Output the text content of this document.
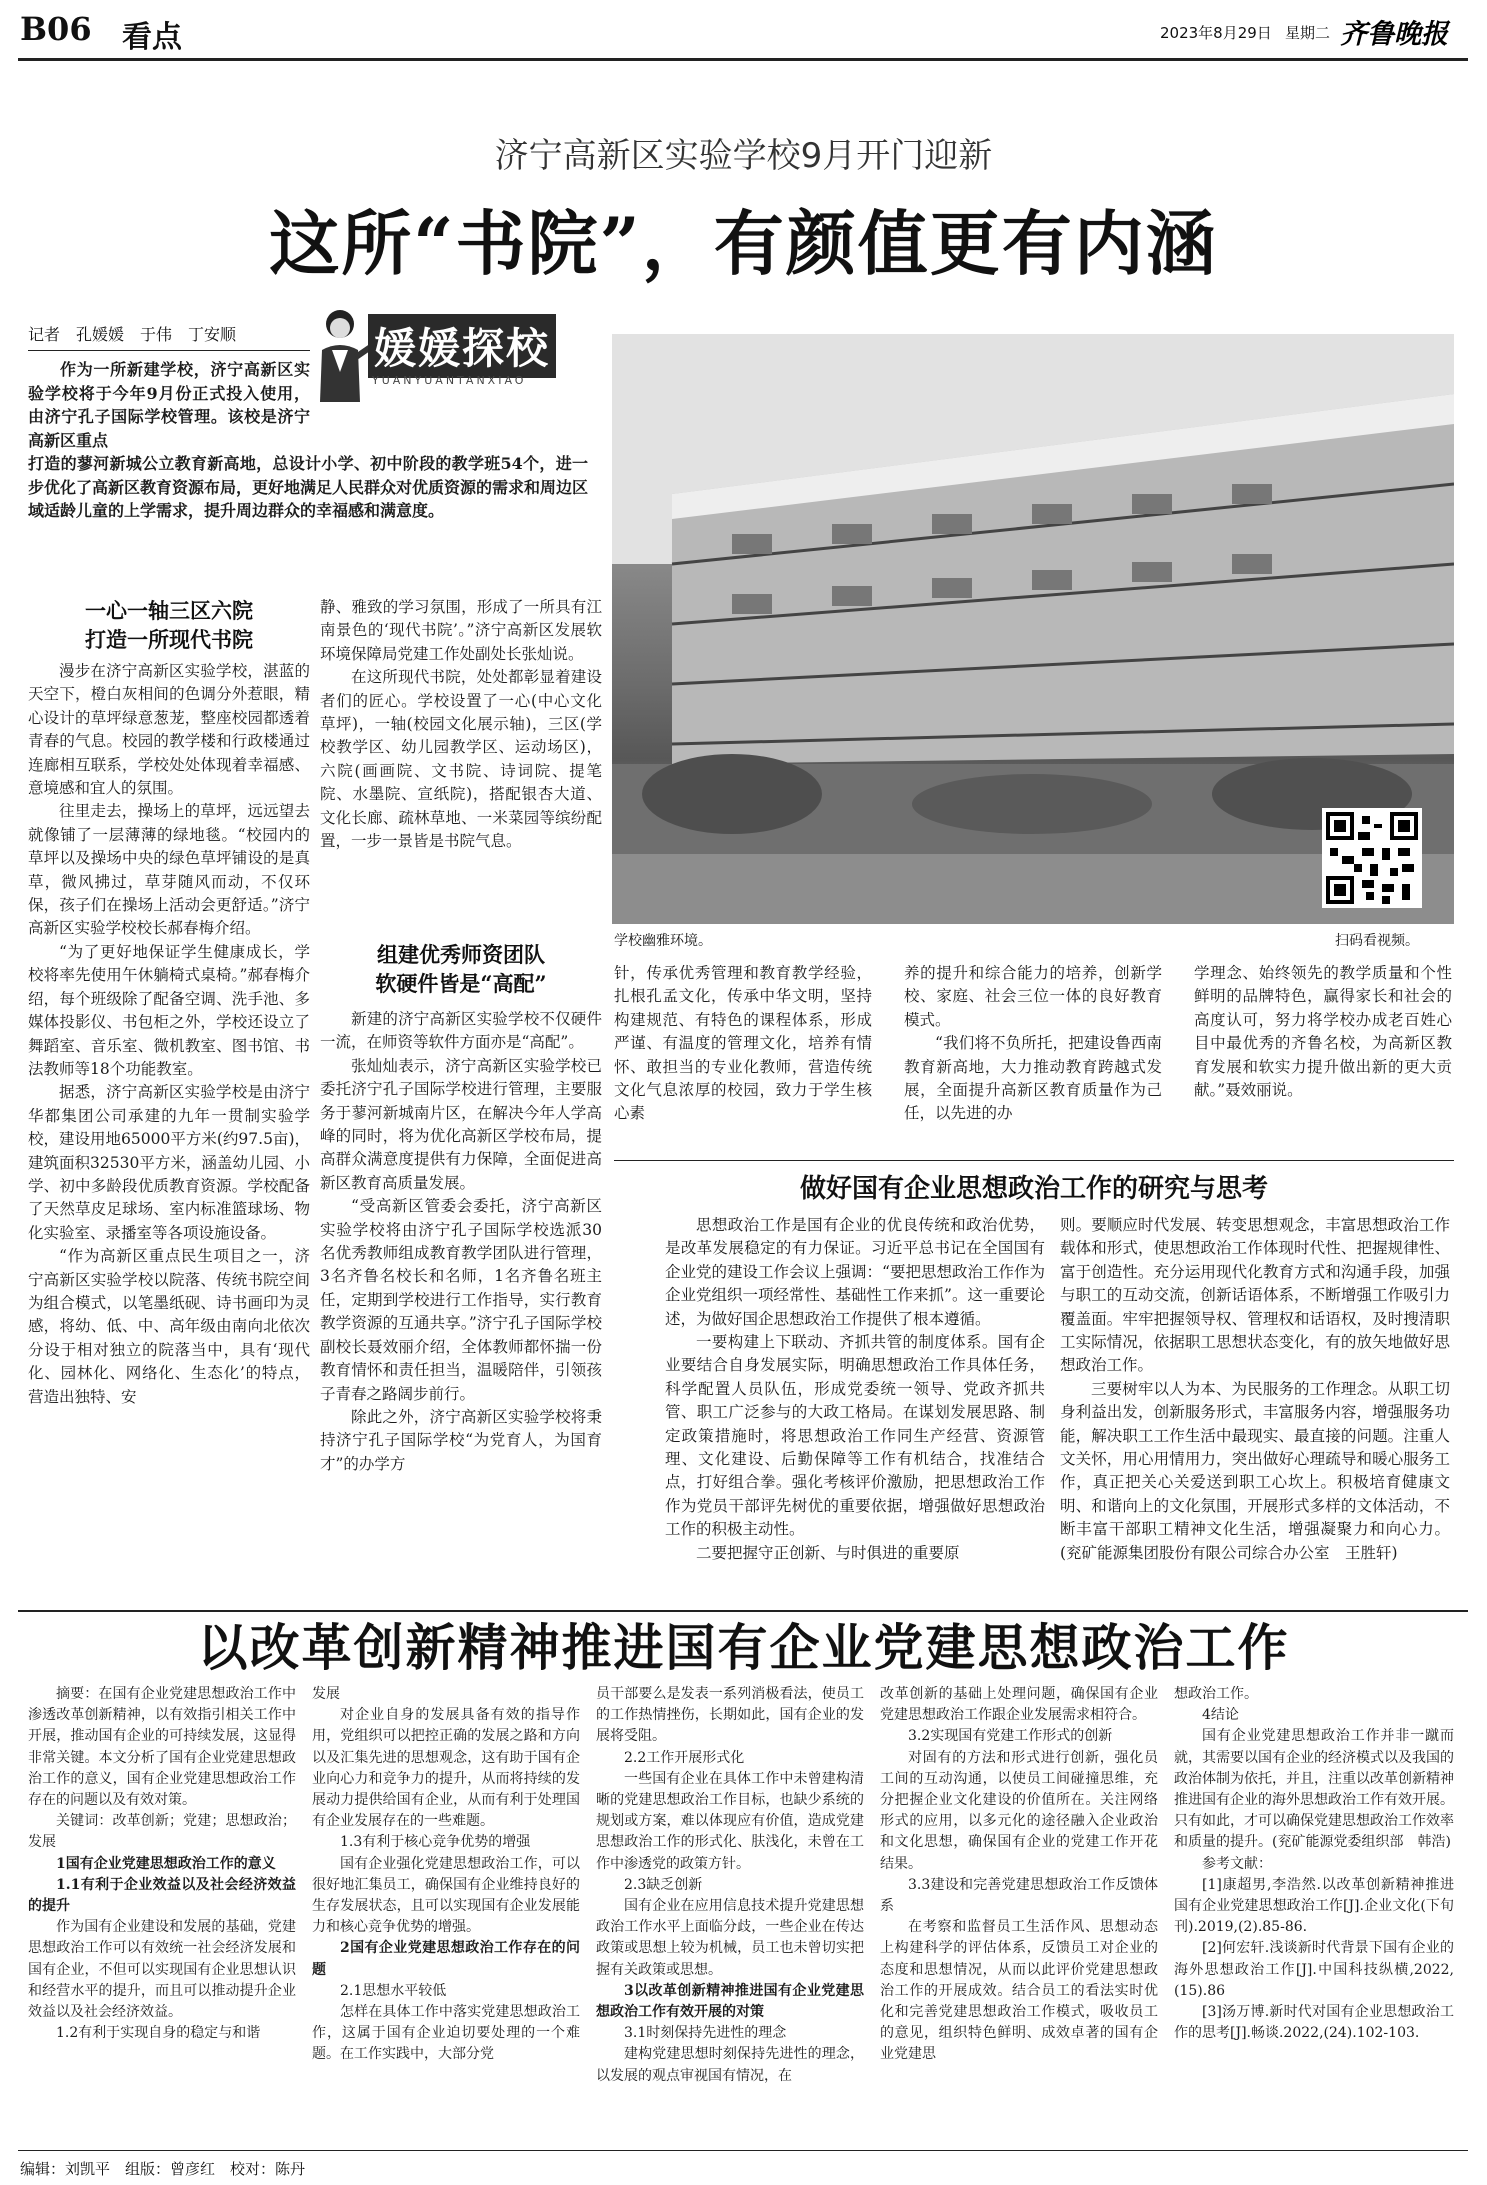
B06 看点	2023年8月29日 星期二 齐鲁晚报
济宁高新区实验学校9月开门迎新
这所“书院”，有颜值更有内涵
记者　孔媛媛　于伟　丁安顺	媛媛探校
YUANYUANTANXIAO

作为一所新建学校，济宁高新区实验学校将于今年9月份正式投入使用，由济宁孔子国际学校管理。该校是济宁高新区重点

打造的蓼河新城公立教育新高地，总设计小学、初中阶段的教学班54个，进一步优化了高新区教育资源布局，更好地满足人民群众对优质资源的需求和周边区域适龄儿童的上学需求，提升周边群众的幸福感和满意度。

学校幽雅环境。	扫码看视频。
一心一轴三区六院
打造一所现代书院

漫步在济宁高新区实验学校，湛蓝的天空下，橙白灰相间的色调分外惹眼，精心设计的草坪绿意葱茏，整座校园都透着青春的气息。校园的教学楼和行政楼通过连廊相互联系，学校处处体现着幸福感、意境感和宜人的氛围。

往里走去，操场上的草坪，远远望去就像铺了一层薄薄的绿地毯。“校园内的草坪以及操场中央的绿色草坪铺设的是真草，微风拂过，草芽随风而动，不仅环保，孩子们在操场上活动会更舒适。”济宁高新区实验学校校长郝春梅介绍。

“为了更好地保证学生健康成长，学校将率先使用午休躺椅式桌椅。”郝春梅介绍，每个班级除了配备空调、洗手池、多媒体投影仪、书包柜之外，学校还设立了舞蹈室、音乐室、微机教室、图书馆、书法教师等18个功能教室。

据悉，济宁高新区实验学校是由济宁华都集团公司承建的九年一贯制实验学校，建设用地65000平方米(约97.5亩)，建筑面积32530平方米，涵盖幼儿园、小学、初中多龄段优质教育资源。学校配备了天然草皮足球场、室内标准篮球场、物化实验室、录播室等各项设施设备。

“作为高新区重点民生项目之一，济宁高新区实验学校以院落、传统书院空间为组合模式，以笔墨纸砚、诗书画印为灵感，将幼、低、中、高年级由南向北依次分设于相对独立的院落当中，具有‘现代化、园林化、网络化、生态化’的特点，营造出独特、安

静、雅致的学习氛围，形成了一所具有江南景色的‘现代书院’。”济宁高新区发展软环境保障局党建工作处副处长张灿说。

在这所现代书院，处处都彰显着建设者们的匠心。学校设置了一心(中心文化草坪)，一轴(校园文化展示轴)，三区(学校教学区、幼儿园教学区、运动场区)，六院(画画院、文书院、诗词院、提笔院、水墨院、宣纸院)，搭配银杏大道、文化长廊、疏林草地、一米菜园等缤纷配置，一步一景皆是书院气息。

组建优秀师资团队
软硬件皆是“高配”

新建的济宁高新区实验学校不仅硬件一流，在师资等软件方面亦是“高配”。

张灿灿表示，济宁高新区实验学校已委托济宁孔子国际学校进行管理，主要服务于蓼河新城南片区，在解决今年人学高峰的同时，将为优化高新区学校布局，提高群众满意度提供有力保障，全面促进高新区教育高质量发展。

“受高新区管委会委托，济宁高新区实验学校将由济宁孔子国际学校选派30名优秀教师组成教育教学团队进行管理，3名齐鲁名校长和名师，1名齐鲁名班主任，定期到学校进行工作指导，实行教育教学资源的互通共享。”济宁孔子国际学校副校长聂效丽介绍，全体教师都怀揣一份教育情怀和责任担当，温暖陪伴，引领孩子青春之路阔步前行。

除此之外，济宁高新区实验学校将秉持济宁孔子国际学校“为党育人，为国育才”的办学方

针，传承优秀管理和教育教学经验，扎根孔孟文化，传承中华文明，坚持构建规范、有特色的课程体系，形成严谨、有温度的管理文化，培养有情怀、敢担当的专业化教师，营造传统文化气息浓厚的校园，致力于学生核心素

养的提升和综合能力的培养，创新学校、家庭、社会三位一体的良好教育模式。

“我们将不负所托，把建设鲁西南教育新高地，大力推动教育跨越式发展，全面提升高新区教育质量作为己任，以先进的办

学理念、始终领先的教学质量和个性鲜明的品牌特色，赢得家长和社会的高度认可，努力将学校办成老百姓心目中最优秀的齐鲁名校，为高新区教育发展和软实力提升做出新的更大贡献。”聂效丽说。

做好国有企业思想政治工作的研究与思考

思想政治工作是国有企业的优良传统和政治优势，是改革发展稳定的有力保证。习近平总书记在全国国有企业党的建设工作会议上强调：“要把思想政治工作作为企业党组织一项经常性、基础性工作来抓”。这一重要论述，为做好国企思想政治工作提供了根本遵循。

一要构建上下联动、齐抓共管的制度体系。国有企业要结合自身发展实际，明确思想政治工作具体任务，科学配置人员队伍，形成党委统一领导、党政齐抓共管、职工广泛参与的大政工格局。在谋划发展思路、制定政策措施时，将思想政治工作同生产经营、资源管理、文化建设、后勤保障等工作有机结合，找准结合点，打好组合拳。强化考核评价激励，把思想政治工作作为党员干部评先树优的重要依据，增强做好思想政治工作的积极主动性。

二要把握守正创新、与时俱进的重要原

则。要顺应时代发展、转变思想观念，丰富思想政治工作载体和形式，使思想政治工作体现时代性、把握规律性、富于创造性。充分运用现代化教育方式和沟通手段，加强与职工的互动交流，创新话语体系，不断增强工作吸引力覆盖面。牢牢把握领导权、管理权和话语权，及时搜清职工实际情况，依据职工思想状态变化，有的放矢地做好思想政治工作。

三要树牢以人为本、为民服务的工作理念。从职工切身利益出发，创新服务形式，丰富服务内容，增强服务功能，解决职工工作生活中最现实、最直接的问题。注重人文关怀，用心用情用力，突出做好心理疏导和暖心服务工作，真正把关心关爱送到职工心坎上。积极培育健康文明、和谐向上的文化氛围，开展形式多样的文体活动，不断丰富干部职工精神文化生活，增强凝聚力和向心力。(兖矿能源集团股份有限公司综合办公室　王胜轩)

以改革创新精神推进国有企业党建思想政治工作

摘要：在国有企业党建思想政治工作中渗透改革创新精神，以有效指引相关工作中开展，推动国有企业的可持续发展，这显得非常关键。本文分析了国有企业党建思想政治工作的意义，国有企业党建思想政治工作存在的问题以及有效对策。

关键词：改革创新；党建；思想政治；发展

1国有企业党建思想政治工作的意义

1.1有利于企业效益以及社会经济效益的提升

作为国有企业建设和发展的基础，党建思想政治工作可以有效统一社会经济发展和国有企业，不但可以实现国有企业思想认识和经营水平的提升，而且可以推动提升企业效益以及社会经济效益。

1.2有利于实现自身的稳定与和谐

发展

对企业自身的发展具备有效的指导作用，党组织可以把控正确的发展之路和方向以及汇集先进的思想观念，这有助于国有企业向心力和竞争力的提升，从而将持续的发展动力提供给国有企业，从而有利于处理国有企业发展存在的一些难题。

1.3有利于核心竞争优势的增强

国有企业强化党建思想政治工作，可以很好地汇集员工，确保国有企业维持良好的生存发展状态，且可以实现国有企业发展能力和核心竞争优势的增强。

2国有企业党建思想政治工作存在的问题

2.1思想水平较低

怎样在具体工作中落实党建思想政治工作，这属于国有企业迫切要处理的一个难题。在工作实践中，大部分党

员干部要么是发表一系列消极看法，使员工的工作热情挫伤，长期如此，国有企业的发展将受阻。

2.2工作开展形式化

一些国有企业在具体工作中未曾建构清晰的党建思想政治工作目标，也缺少系统的规划或方案，难以体现应有价值，造成党建思想政治工作的形式化、肤浅化，未曾在工作中渗透党的政策方针。

2.3缺乏创新

国有企业在应用信息技术提升党建思想政治工作水平上面临分歧，一些企业在传达政策或思想上较为机械，员工也未曾切实把握有关政策或思想。

3以改革创新精神推进国有企业党建思想政治工作有效开展的对策

3.1时刻保持先进性的理念

建构党建思想时刻保持先进性的理念，以发展的观点审视国有情况，在

改革创新的基础上处理问题，确保国有企业党建思想政治工作跟企业发展需求相符合。

3.2实现国有党建工作形式的创新

对固有的方法和形式进行创新，强化员工间的互动沟通，以使员工间碰撞思维，充分把握企业文化建设的价值所在。关注网络形式的应用，以多元化的途径融入企业政治和文化思想，确保国有企业的党建工作开花结果。

3.3建设和完善党建思想政治工作反馈体系

在考察和监督员工生活作风、思想动态上构建科学的评估体系，反馈员工对企业的态度和思想情况，从而以此评价党建思想政治工作的开展成效。结合员工的看法实时优化和完善党建思想政治工作模式，吸收员工的意见，组织特色鲜明、成效卓著的国有企业党建思

想政治工作。

4结论

国有企业党建思想政治工作并非一蹴而就，其需要以国有企业的经济模式以及我国的政治体制为依托，并且，注重以改革创新精神推进国有企业的海外思想政治工作有效开展。只有如此，才可以确保党建思想政治工作效率和质量的提升。(兖矿能源党委组织部　韩浩)

参考文献：

[1]康超男,李浩然.以改革创新精神推进国有企业党建思想政治工作[J].企业文化(下旬刊).2019,(2).85-86.

[2]何宏轩.浅谈新时代背景下国有企业的海外思想政治工作[J].中国科技纵横,2022,(15).86

[3]汤万博.新时代对国有企业思想政治工作的思考[J].畅谈.2022,(24).102-103.

编辑：刘凯平　组版：曾彦红　校对：陈丹
